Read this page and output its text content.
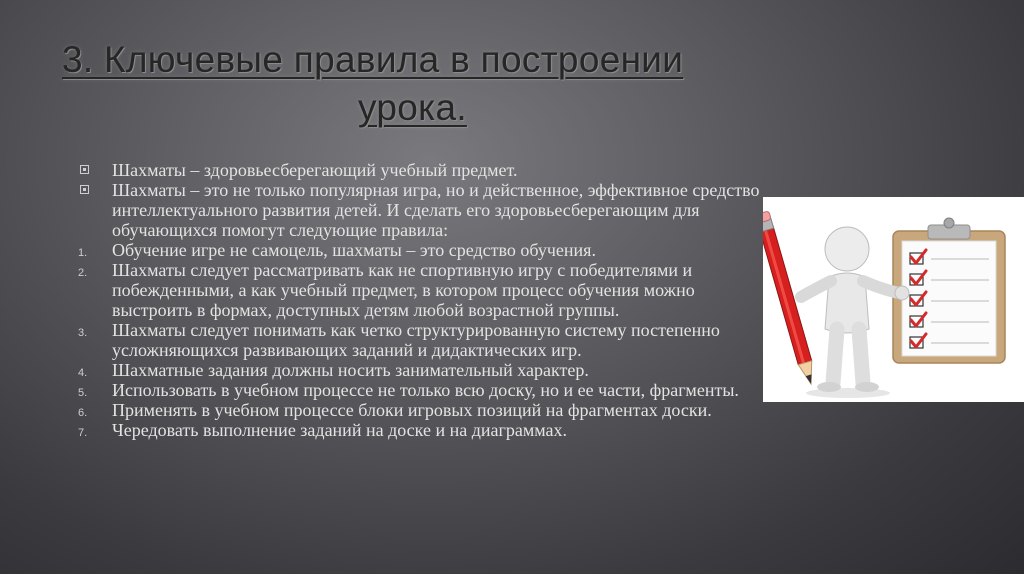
3. Ключевые правила в построении
урока.

Шахматы – здоровьесберегающий учебный предмет.

Шахматы – это не только популярная игра, но и действенное, эффективное средство интеллектуального развития детей. И сделать его здоровьесберегающим для обучающихся помогут следующие правила:

1.	Обучение игре не самоцель, шахматы – это средство обучения.

2.	Шахматы следует рассматривать как не спортивную игру с победителями и побежденными, а как учебный предмет, в котором процесс обучения можно выстроить в формах, доступных детям любой возрастной группы.

3.	Шахматы следует понимать как четко структурированную систему постепенно усложняющихся развивающих заданий и дидактических игр.

4.	Шахматные задания должны носить занимательный характер.

5.	Использовать в учебном процессе не только всю доску, но и ее части, фрагменты.

6.	Применять в учебном процессе блоки игровых позиций на фрагментах доски.

7.	Чередовать выполнение заданий на доске и на диаграммах.
